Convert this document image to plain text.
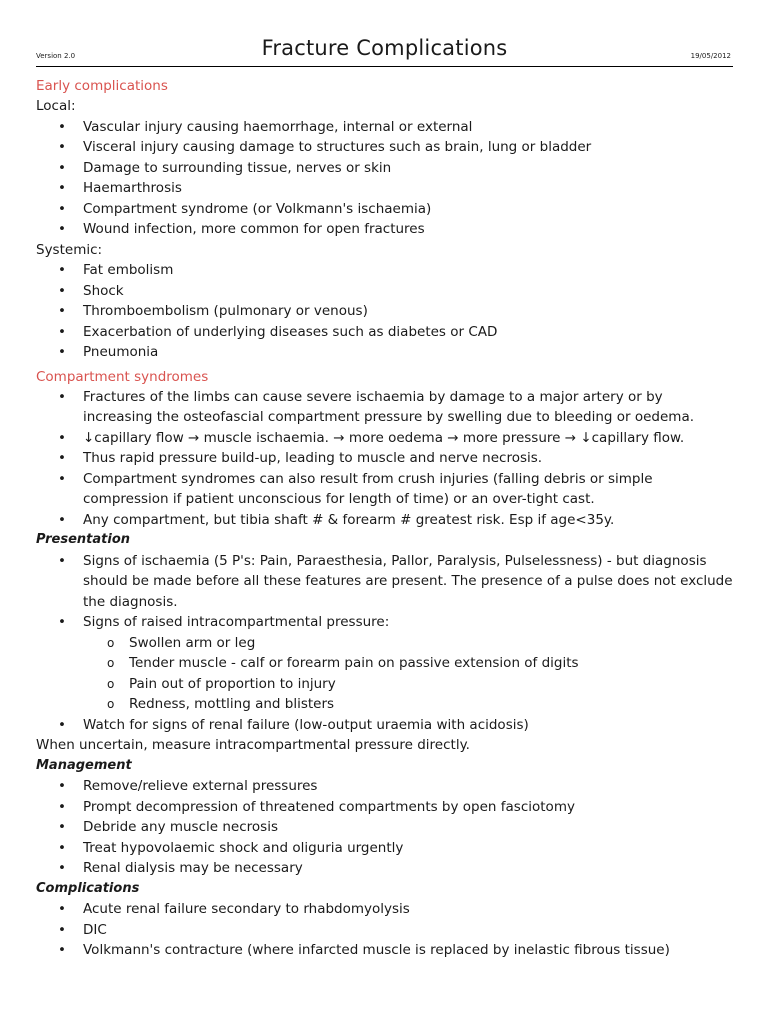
Version 2.0	Fracture Complications	19/05/2012
Early complications
Local:
• Vascular injury causing haemorrhage, internal or external
• Visceral injury causing damage to structures such as brain, lung or bladder
• Damage to surrounding tissue, nerves or skin
• Haemarthrosis
• Compartment syndrome (or Volkmann's ischaemia)
• Wound infection, more common for open fractures
Systemic:
• Fat embolism
• Shock
• Thromboembolism (pulmonary or venous)
• Exacerbation of underlying diseases such as diabetes or CAD
• Pneumonia
Compartment syndromes
• Fractures of the limbs can cause severe ischaemia by damage to a major artery or by increasing the osteofascial compartment pressure by swelling due to bleeding or oedema.
• ↓capillary flow → muscle ischaemia. → more oedema → more pressure → ↓capillary flow.
• Thus rapid pressure build-up, leading to muscle and nerve necrosis.
• Compartment syndromes can also result from crush injuries (falling debris or simple compression if patient unconscious for length of time) or an over-tight cast.
• Any compartment, but tibia shaft # & forearm # greatest risk. Esp if age<35y.
Presentation
• Signs of ischaemia (5 P's: Pain, Paraesthesia, Pallor, Paralysis, Pulselessness) - but diagnosis should be made before all these features are present. The presence of a pulse does not exclude the diagnosis.
• Signs of raised intracompartmental pressure:
o Swollen arm or leg
o Tender muscle - calf or forearm pain on passive extension of digits
o Pain out of proportion to injury
o Redness, mottling and blisters
• Watch for signs of renal failure (low-output uraemia with acidosis)
When uncertain, measure intracompartmental pressure directly.
Management
• Remove/relieve external pressures
• Prompt decompression of threatened compartments by open fasciotomy
• Debride any muscle necrosis
• Treat hypovolaemic shock and oliguria urgently
• Renal dialysis may be necessary
Complications
• Acute renal failure secondary to rhabdomyolysis
• DIC
• Volkmann's contracture (where infarcted muscle is replaced by inelastic fibrous tissue)
